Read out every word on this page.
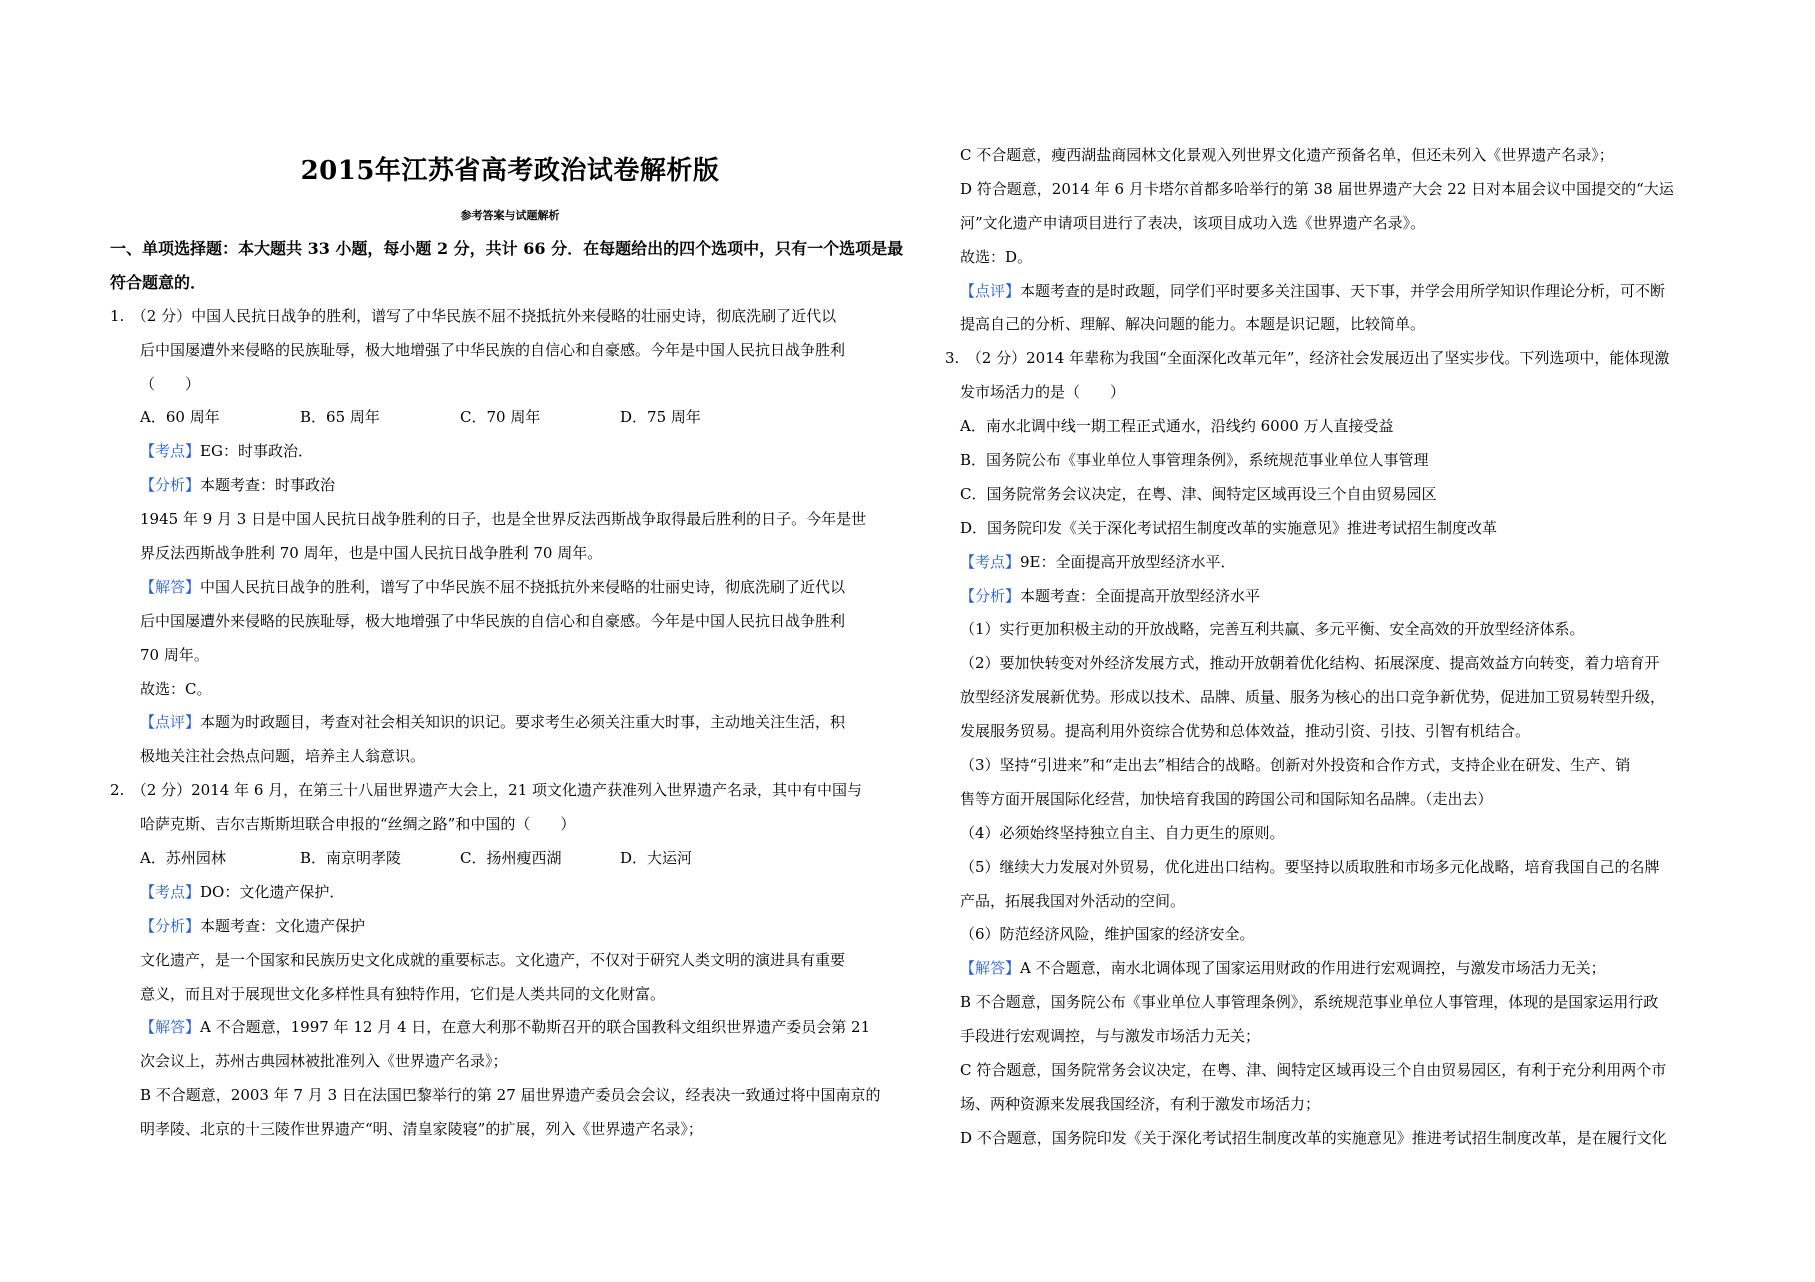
2015年江苏省高考政治试卷解析版
参考答案与试题解析
一、单项选择题：本大题共 33 小题，每小题 2 分，共计 66 分．在每题给出的四个选项中，只有一个选项是最
符合题意的．
1.　（2 分）中国人民抗日战争的胜利，谱写了中华民族不屈不挠抵抗外来侵略的壮丽史诗，彻底洗刷了近代以
后中国屡遭外来侵略的民族耻辱，极大地增强了中华民族的自信心和自豪感。今年是中国人民抗日战争胜利
（　　）
A．60 周年	B．65 周年	C．70 周年	D．75 周年
【考点】EG：时事政治．
【分析】本题考查：时事政治
1945 年 9 月 3 日是中国人民抗日战争胜利的日子，也是全世界反法西斯战争取得最后胜利的日子。今年是世
界反法西斯战争胜利 70 周年，也是中国人民抗日战争胜利 70 周年。
【解答】中国人民抗日战争的胜利，谱写了中华民族不屈不挠抵抗外来侵略的壮丽史诗，彻底洗刷了近代以
后中国屡遭外来侵略的民族耻辱，极大地增强了中华民族的自信心和自豪感。今年是中国人民抗日战争胜利
70 周年。
故选：C。
【点评】本题为时政题目，考查对社会相关知识的识记。要求考生必须关注重大时事，主动地关注生活，积
极地关注社会热点问题，培养主人翁意识。
2.　（2 分）2014 年 6 月，在第三十八届世界遗产大会上，21 项文化遗产获准列入世界遗产名录，其中有中国与
哈萨克斯、吉尔吉斯斯坦联合申报的“丝绸之路”和中国的（　　）
A．苏州园林	B．南京明孝陵	C．扬州瘦西湖	D．大运河
【考点】DO：文化遗产保护．
【分析】本题考查：文化遗产保护
文化遗产，是一个国家和民族历史文化成就的重要标志。文化遗产，不仅对于研究人类文明的演进具有重要
意义，而且对于展现世文化多样性具有独特作用，它们是人类共同的文化财富。
【解答】A 不合题意，1997 年 12 月 4 日，在意大利那不勒斯召开的联合国教科文组织世界遗产委员会第 21
次会议上，苏州古典园林被批准列入《世界遗产名录》；
B 不合题意，2003 年 7 月 3 日在法国巴黎举行的第 27 届世界遗产委员会会议，经表决一致通过将中国南京的
明孝陵、北京的十三陵作世界遗产“明、清皇家陵寝”的扩展，列入《世界遗产名录》；
C 不合题意，瘦西湖盐商园林文化景观入列世界文化遗产预备名单，但还未列入《世界遗产名录》；
D 符合题意，2014 年 6 月卡塔尔首都多哈举行的第 38 届世界遗产大会 22 日对本届会议中国提交的“大运
河”文化遗产申请项目进行了表决，该项目成功入选《世界遗产名录》。
故选：D。
【点评】本题考查的是时政题，同学们平时要多关注国事、天下事，并学会用所学知识作理论分析，可不断
提高自己的分析、理解、解决问题的能力。本题是识记题，比较简单。
3.　（2 分）2014 年辈称为我国“全面深化改革元年”，经济社会发展迈出了坚实步伐。下列选项中，能体现激
发市场活力的是（　　）
A．南水北调中线一期工程正式通水，沿线约 6000 万人直接受益
B．国务院公布《事业单位人事管理条例》，系统规范事业单位人事管理
C．国务院常务会议决定，在粤、津、闽特定区域再设三个自由贸易园区
D．国务院印发《关于深化考试招生制度改革的实施意见》推进考试招生制度改革
【考点】9E：全面提高开放型经济水平．
【分析】本题考查：全面提高开放型经济水平
（1）实行更加积极主动的开放战略，完善互利共赢、多元平衡、安全高效的开放型经济体系。
（2）要加快转变对外经济发展方式，推动开放朝着优化结构、拓展深度、提高效益方向转变，着力培育开
放型经济发展新优势。形成以技术、品牌、质量、服务为核心的出口竞争新优势，促进加工贸易转型升级，
发展服务贸易。提高利用外资综合优势和总体效益，推动引资、引技、引智有机结合。
（3）坚持“引进来”和“走出去”相结合的战略。创新对外投资和合作方式，支持企业在研发、生产、销
售等方面开展国际化经营，加快培育我国的跨国公司和国际知名品牌。（走出去）
（4）必须始终坚持独立自主、自力更生的原则。
（5）继续大力发展对外贸易，优化进出口结构。要坚持以质取胜和市场多元化战略，培育我国自己的名牌
产品，拓展我国对外活动的空间。
（6）防范经济风险，维护国家的经济安全。
【解答】A 不合题意，南水北调体现了国家运用财政的作用进行宏观调控，与激发市场活力无关；
B 不合题意，国务院公布《事业单位人事管理条例》，系统规范事业单位人事管理，体现的是国家运用行政
手段进行宏观调控，与与激发市场活力无关；
C 符合题意，国务院常务会议决定，在粤、津、闽特定区域再设三个自由贸易园区，有利于充分利用两个市
场、两种资源来发展我国经济，有利于激发市场活力；
D 不合题意，国务院印发《关于深化考试招生制度改革的实施意见》推进考试招生制度改革，是在履行文化
